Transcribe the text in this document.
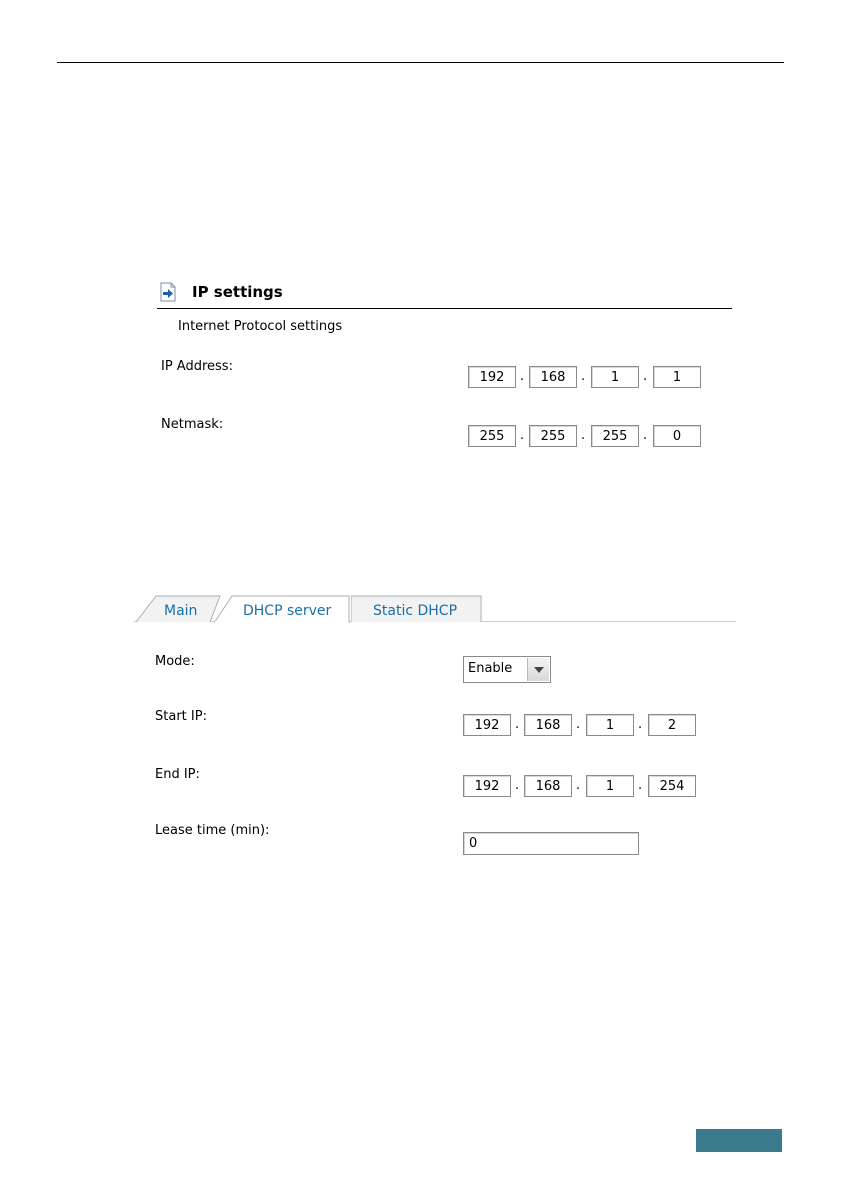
IP settings
Internet Protocol settings
IP Address:
192	.	168	.	1	.	1
Netmask:
255	.	255	.	255	.	0
Main	DHCP server	Static DHCP
Mode:	Enable
Start IP:
192	.	168	.	1	.	2
End IP:
192	.	168	.	1	.	254
Lease time (min):
0
